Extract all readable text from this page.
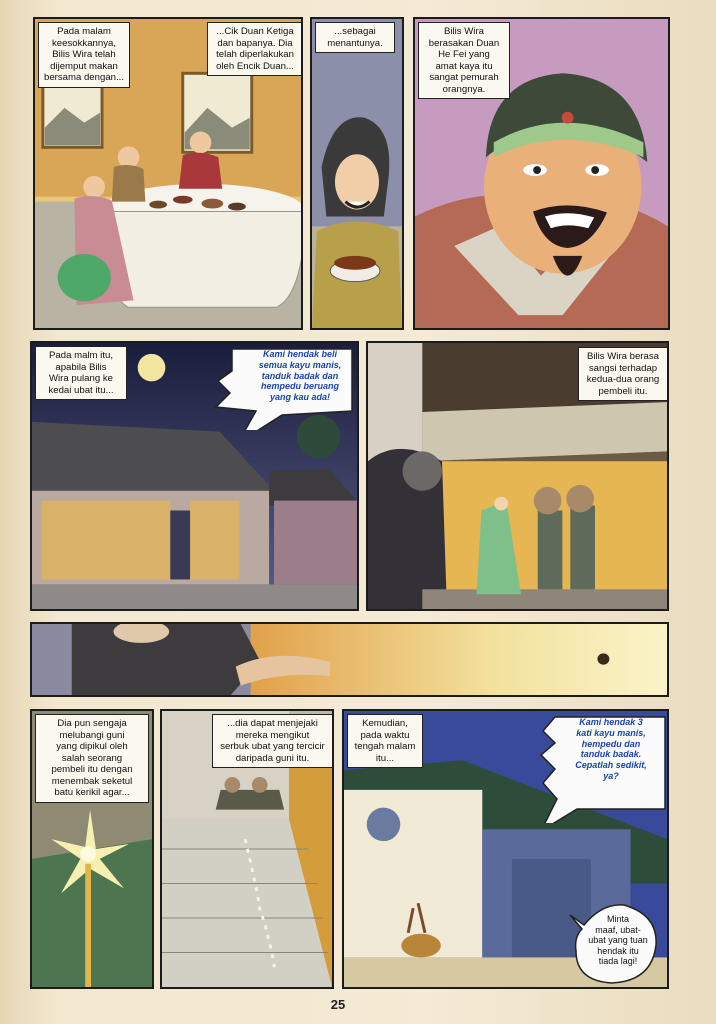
Pada malam
keesokkannya,
Bilis Wira telah
dijemput makan
bersama dengan...
...Cik Duan Ketiga
dan bapanya. Dia
telah diperlakukan
oleh Encik Duan...
...sebagai
menantunya.
Bilis Wira
berasakan Duan
He Fei yang
amat kaya itu
sangat pemurah
orangnya.
Pada malm itu,
apabila Bilis
Wira pulang ke
kedai ubat itu...
Kami hendak beli
semua kayu manis,
tanduk badak dan
hempedu beruang
yang kau ada!
Bilis Wira berasa
sangsi terhadap
kedua-dua orang
pembeli itu.
Dia pun sengaja
melubangi guni
yang dipikul oleh
salah seorang
pembeli itu dengan
menembak seketul
batu kerikil agar...
...dia dapat menjejaki
mereka mengikut
serbuk ubat yang tercicir
daripada guni itu.
Kemudian,
pada waktu
tengah malam
itu...
Kami hendak 3
kati kayu manis,
hempedu dan
tanduk badak.
Cepatlah sedikit,
ya?
Minta
maaf, ubat-
ubat yang tuan
hendak itu
tiada lagi!
25
